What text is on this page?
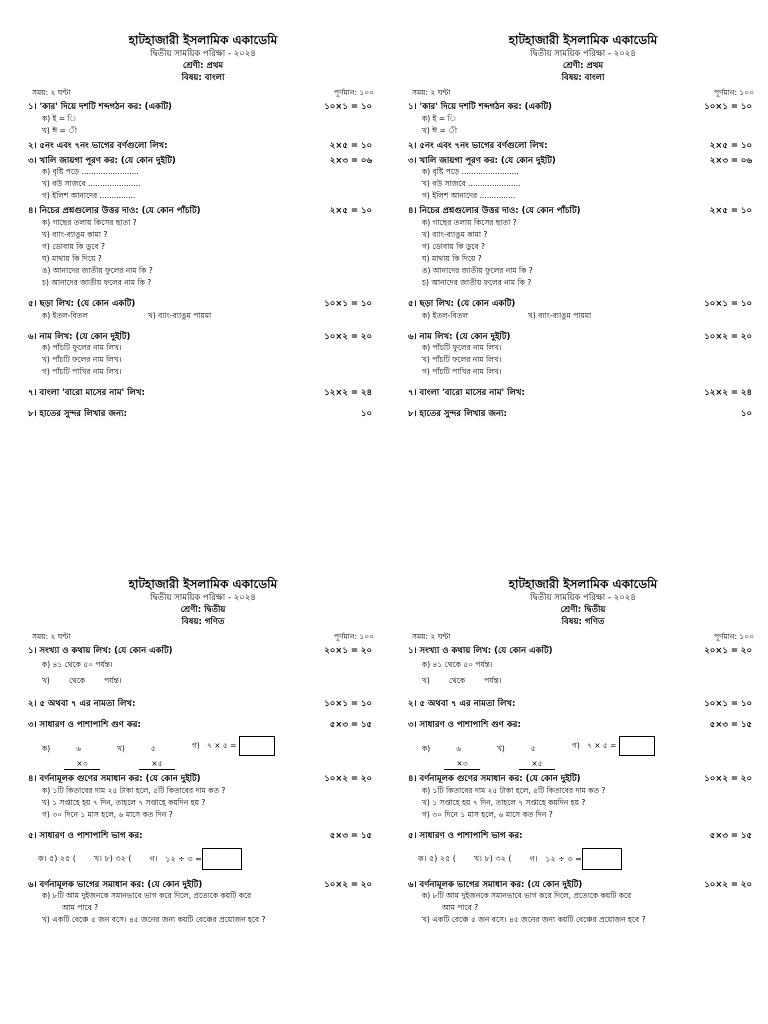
হাটহাজারী ইসলামিক একাডেমি
দ্বিতীয় সাময়িক পরিক্ষা - ২০২৪
শ্রেণী: প্রথম
বিষয়: বাংলা
সময়: ২ ঘন্টা	পূর্ণমান: ১০০
১। 'কার' দিয়ে দশটি শব্দগঠন কর: (একটি)	১০×১ = ১০
ক) ই = ি
খ) ঈ = ী
২। ৫নং এবং ৭নং ভাগের বর্ণগুলো লিখ:	২×৫ = ১০
৩। খালি জায়গা পূরণ কর: (যে কোন দুইটি)	২×৩ = ০৬
ক) বৃষ্টি পড়ে ........................
খ) বউ সাজবে ......................
গ) ইলিশ আনাদের ...............
৪। নিচের প্রশ্নগুলোর উত্তর দাও: (যে কোন পাঁচটি)	২×৫ = ১০
ক) গাছের তলায় কিসের ছাতা ?
খ) ব্যাং-ব্যাঙুম কামা ?
গ) ডোবায় কি ডুবে ?
ঘ) মাথায় কি দিয়ে ?
ঙ) আনাদের জাতীয় ফুলের নাম কি ?
চ) আনাদের জাতীয় ফলের নাম কি ?
৫। ছড়া লিখ: (যে কোন একটি)	১০×১ = ১০
ক) ইতল-বিতল	খ) ব্যাং-ব্যাঙুম পায়মা
৬। নাম লিখ: (যে কোন দুইটি)	১০×২ = ২০
ক) পাঁচটি ফুলের নাম লিখ।
খ) পাঁচটি ফলের নাম লিখ।
গ) পাঁচটি পাখির নাম লিখ।
৭। বাংলা 'বারো মাসের নাম' লিখ:	১২×২ = ২৪
৮। হাতের সুন্দর লিখার জন্য:	১০
হাটহাজারী ইসলামিক একাডেমি
দ্বিতীয় সাময়িক পরিক্ষা - ২০২৪
শ্রেণী: প্রথম
বিষয়: বাংলা
সময়: ২ ঘন্টা	পূর্ণমান: ১০০
১। 'কার' দিয়ে দশটি শব্দগঠন কর: (একটি)	১০×১ = ১০
ক) ই = ি
খ) ঈ = ী
২। ৫নং এবং ৭নং ভাগের বর্ণগুলো লিখ:	২×৫ = ১০
৩। খালি জায়গা পূরণ কর: (যে কোন দুইটি)	২×৩ = ০৬
ক) বৃষ্টি পড়ে ........................
খ) বউ সাজবে ......................
গ) ইলিশ আনাদের ...............
৪। নিচের প্রশ্নগুলোর উত্তর দাও: (যে কোন পাঁচটি)	২×৫ = ১০
ক) গাছের তলায় কিসের ছাতা ?
খ) ব্যাং-ব্যাঙুম কামা ?
গ) ডোবায় কি ডুবে ?
ঘ) মাথায় কি দিয়ে ?
ঙ) আনাদের জাতীয় ফুলের নাম কি ?
চ) আনাদের জাতীয় ফলের নাম কি ?
৫। ছড়া লিখ: (যে কোন একটি)	১০×১ = ১০
ক) ইতল-বিতল	খ) ব্যাং-ব্যাঙুম পায়মা
৬। নাম লিখ: (যে কোন দুইটি)	১০×২ = ২০
ক) পাঁচটি ফুলের নাম লিখ।
খ) পাঁচটি ফলের নাম লিখ।
গ) পাঁচটি পাখির নাম লিখ।
৭। বাংলা 'বারো মাসের নাম' লিখ:	১২×২ = ২৪
৮। হাতের সুন্দর লিখার জন্য:	১০
হাটহাজারী ইসলামিক একাডেমি
দ্বিতীয় সাময়িক পরিক্ষা - ২০২৪
শ্রেণী: দ্বিতীয়
বিষয়: গণিত
সময়: ২ ঘন্টা	পূর্ণমান: ১০০
১। সংখ্যা ও কথায় লিখ: (যে কোন একটি)	২০×১ = ২০
ক) ৪১ থেকে ৫০ পর্যন্ত।
খ)        থেকে        পর্যন্ত।
২। ৫ অথবা ৭ এর নামতা লিখ:	১০×১ = ১০
৩। সাধারণ ও পাশাপাশি গুণ কর:	৫×৩ = ১৫
ক)	৬
×৩
খ)	৫
×৫
গ)   ৭ × ৫ =
৪। বর্ণনামূলক গুণের সমাধান কর: (যে কোন দুইটি)	১০×২ = ২০
ক) ১টি কিতাবের দাম ২৫ টাকা হলে, ৫টি কিতাবের দাম কত ?
খ) ১ সপ্তাহে হয় ৭ দিন, তাহলে ৭ সপ্তাহে কয়দিন হয় ?
গ) ৩০ দিনে ১ মাস হলে, ৬ মাসে কত দিন ?
৫। সাধারণ ও পাশাপাশি ভাগ কর:	৫×৩ = ১৫
ক। ৫) ২৫ ( খ। ৮) ৩২ ( গ।   ১২ ÷ ৩ =
৬। বর্ণনামূলক ভাগের সমাধান কর: (যে কোন দুইটি)	১০×২ = ২০
ক) ৮টি আম দুইজনকে সমানভাবে ভাগ করে দিলে, প্রত্যেকে কয়টি করে
আম পাবে ?
খ) একটি বেঞ্চে ৫ জন বসে। ৪৫ জনের জন্য কয়টি বেঞ্চের প্রয়োজন হবে ?
হাটহাজারী ইসলামিক একাডেমি
দ্বিতীয় সাময়িক পরিক্ষা - ২০২৪
শ্রেণী: দ্বিতীয়
বিষয়: গণিত
সময়: ২ ঘন্টা	পূর্ণমান: ১০০
১। সংখ্যা ও কথায় লিখ: (যে কোন একটি)	২০×১ = ২০
ক) ৪১ থেকে ৫০ পর্যন্ত।
খ)        থেকে        পর্যন্ত।
২। ৫ অথবা ৭ এর নামতা লিখ:	১০×১ = ১০
৩। সাধারণ ও পাশাপাশি গুণ কর:	৫×৩ = ১৫
ক)	৬
×৩
খ)	৫
×৫
গ)   ৭ × ৫ =
৪। বর্ণনামূলক গুণের সমাধান কর: (যে কোন দুইটি)	১০×২ = ২০
ক) ১টি কিতাবের দাম ২৫ টাকা হলে, ৫টি কিতাবের দাম কত ?
খ) ১ সপ্তাহে হয় ৭ দিন, তাহলে ৭ সপ্তাহে কয়দিন হয় ?
গ) ৩০ দিনে ১ মাস হলে, ৬ মাসে কত দিন ?
৫। সাধারণ ও পাশাপাশি ভাগ কর:	৫×৩ = ১৫
ক। ৫) ২৫ ( খ। ৮) ৩২ ( গ।   ১২ ÷ ৩ =
৬। বর্ণনামূলক ভাগের সমাধান কর: (যে কোন দুইটি)	১০×২ = ২০
ক) ৮টি আম দুইজনকে সমানভাবে ভাগ করে দিলে, প্রত্যেকে কয়টি করে
আম পাবে ?
খ) একটি বেঞ্চে ৫ জন বসে। ৪৫ জনের জন্য কয়টি বেঞ্চের প্রয়োজন হবে ?
